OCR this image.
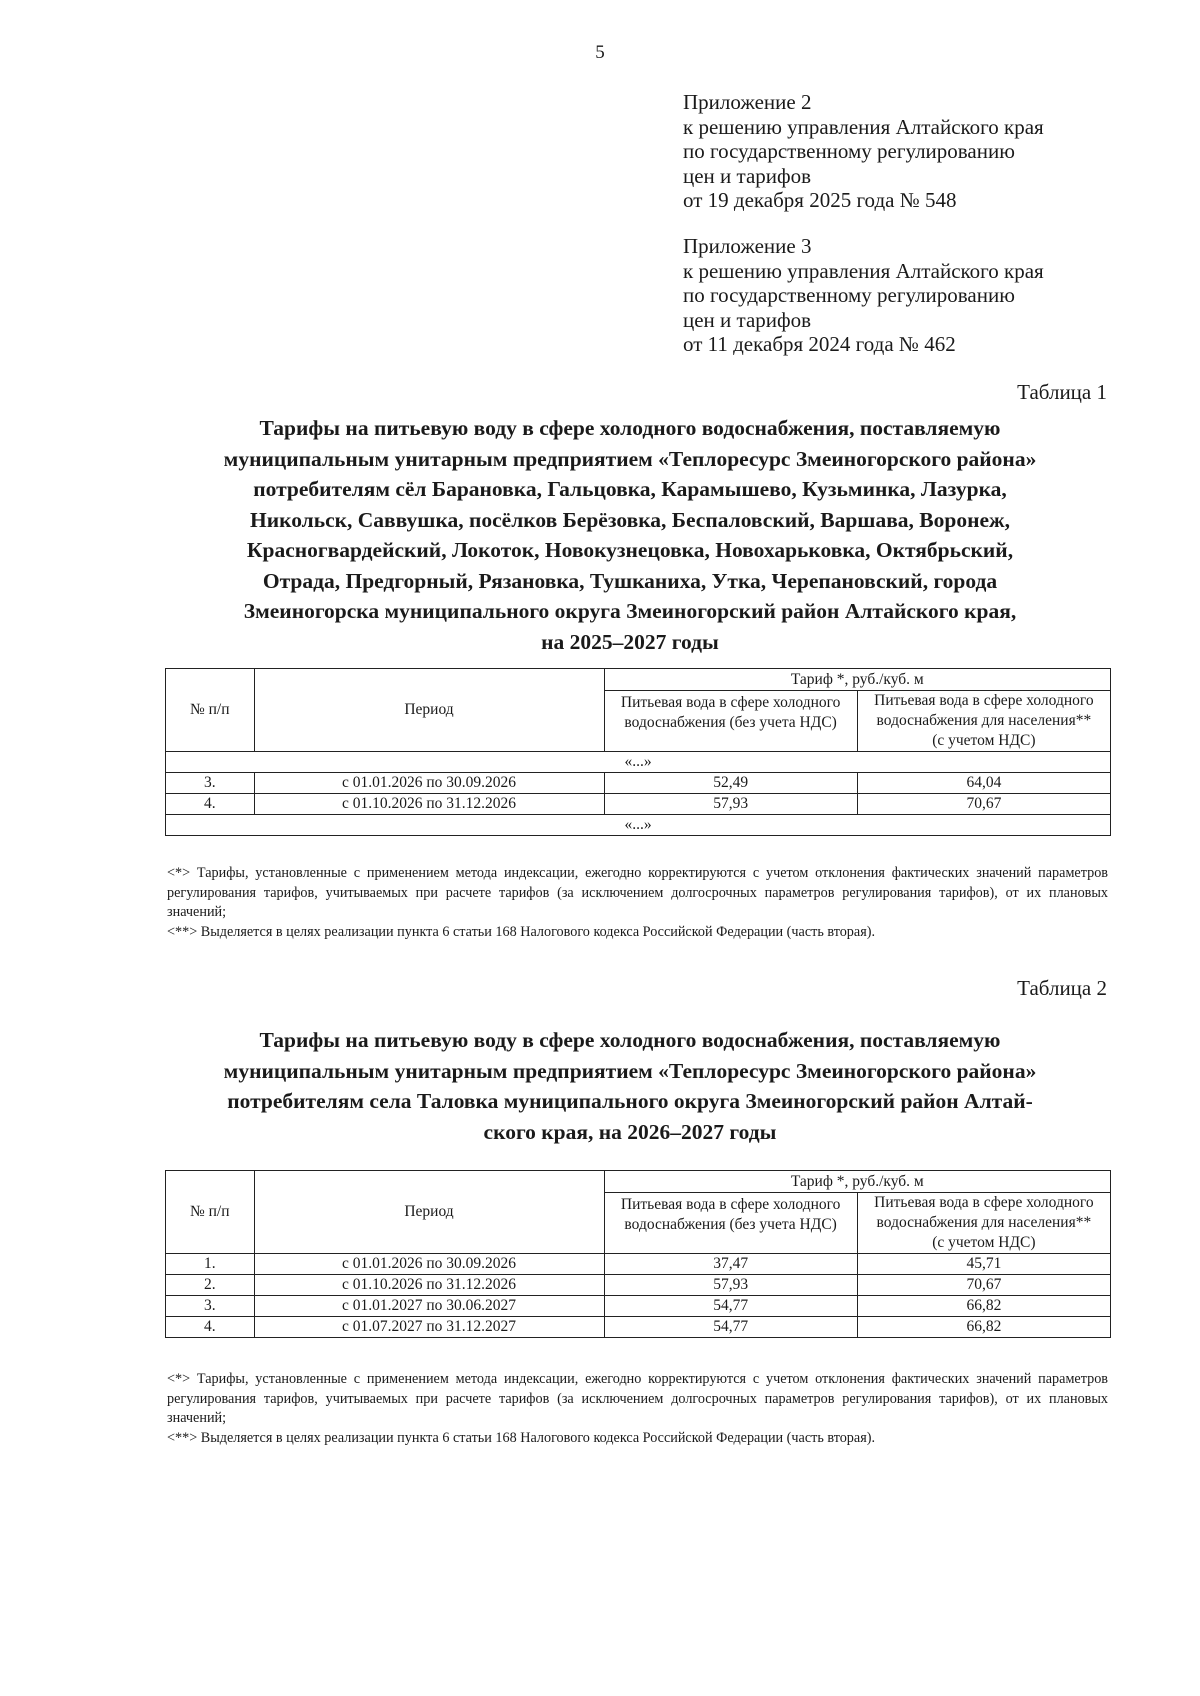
5
Приложение 2
к решению управления Алтайского края
по государственному регулированию
цен и тарифов
от 19 декабря 2025 года № 548
Приложение 3
к решению управления Алтайского края
по государственному регулированию
цен и тарифов
от 11 декабря 2024 года № 462
Таблица 1
Тарифы на питьевую воду в сфере холодного водоснабжения, поставляемую
муниципальным унитарным предприятием «Теплоресурс Змеиногорского района»
потребителям сёл Барановка, Гальцовка, Карамышево, Кузьминка, Лазурка,
Никольск, Саввушка, посёлков Берёзовка, Беспаловский, Варшава, Воронеж,
Красногвардейский, Локоток, Новокузнецовка, Новохарьковка, Октябрьский,
Отрада, Предгорный, Рязановка, Тушканиха, Утка, Черепановский, города
Змеиногорска муниципального округа Змеиногорский район Алтайского края,
на 2025–2027 годы
№ п/п	Период	Тариф *, руб./куб. м	
		Питьевая вода в сфере холодного водоснабжения (без учета НДС)	Питьевая вода в сфере холодного водоснабжения для населения**
(с учетом НДС)

«...»			
3.	с 01.01.2026 по 30.09.2026	52,49	64,04
4.	с 01.10.2026 по 31.12.2026	57,93	70,67
«...»			

<*> Тарифы, установленные с применением метода индексации, ежегодно корректируются с учетом отклонения фактических значений параметров регулирования тарифов, учитываемых при расчете тарифов (за исключением долгосрочных параметров регулирования тарифов), от их плановых значений;

<**> Выделяется в целях реализации пункта 6 статьи 168 Налогового кодекса Российской Федерации (часть вторая).

Таблица 2
Тарифы на питьевую воду в сфере холодного водоснабжения, поставляемую
муниципальным унитарным предприятием «Теплоресурс Змеиногорского района»
потребителям села Таловка муниципального округа Змеиногорский район Алтай-
ского края, на 2026–2027 годы
№ п/п	Период	Тариф *, руб./куб. м	
		Питьевая вода в сфере холодного водоснабжения (без учета НДС)	Питьевая вода в сфере холодного водоснабжения для населения**
(с учетом НДС)

1.	с 01.01.2026 по 30.09.2026	37,47	45,71
2.	с 01.10.2026 по 31.12.2026	57,93	70,67
3.	с 01.01.2027 по 30.06.2027	54,77	66,82
4.	с 01.07.2027 по 31.12.2027	54,77	66,82

<*> Тарифы, установленные с применением метода индексации, ежегодно корректируются с учетом отклонения фактических значений параметров регулирования тарифов, учитываемых при расчете тарифов (за исключением долгосрочных параметров регулирования тарифов), от их плановых значений;

<**> Выделяется в целях реализации пункта 6 статьи 168 Налогового кодекса Российской Федерации (часть вторая).
